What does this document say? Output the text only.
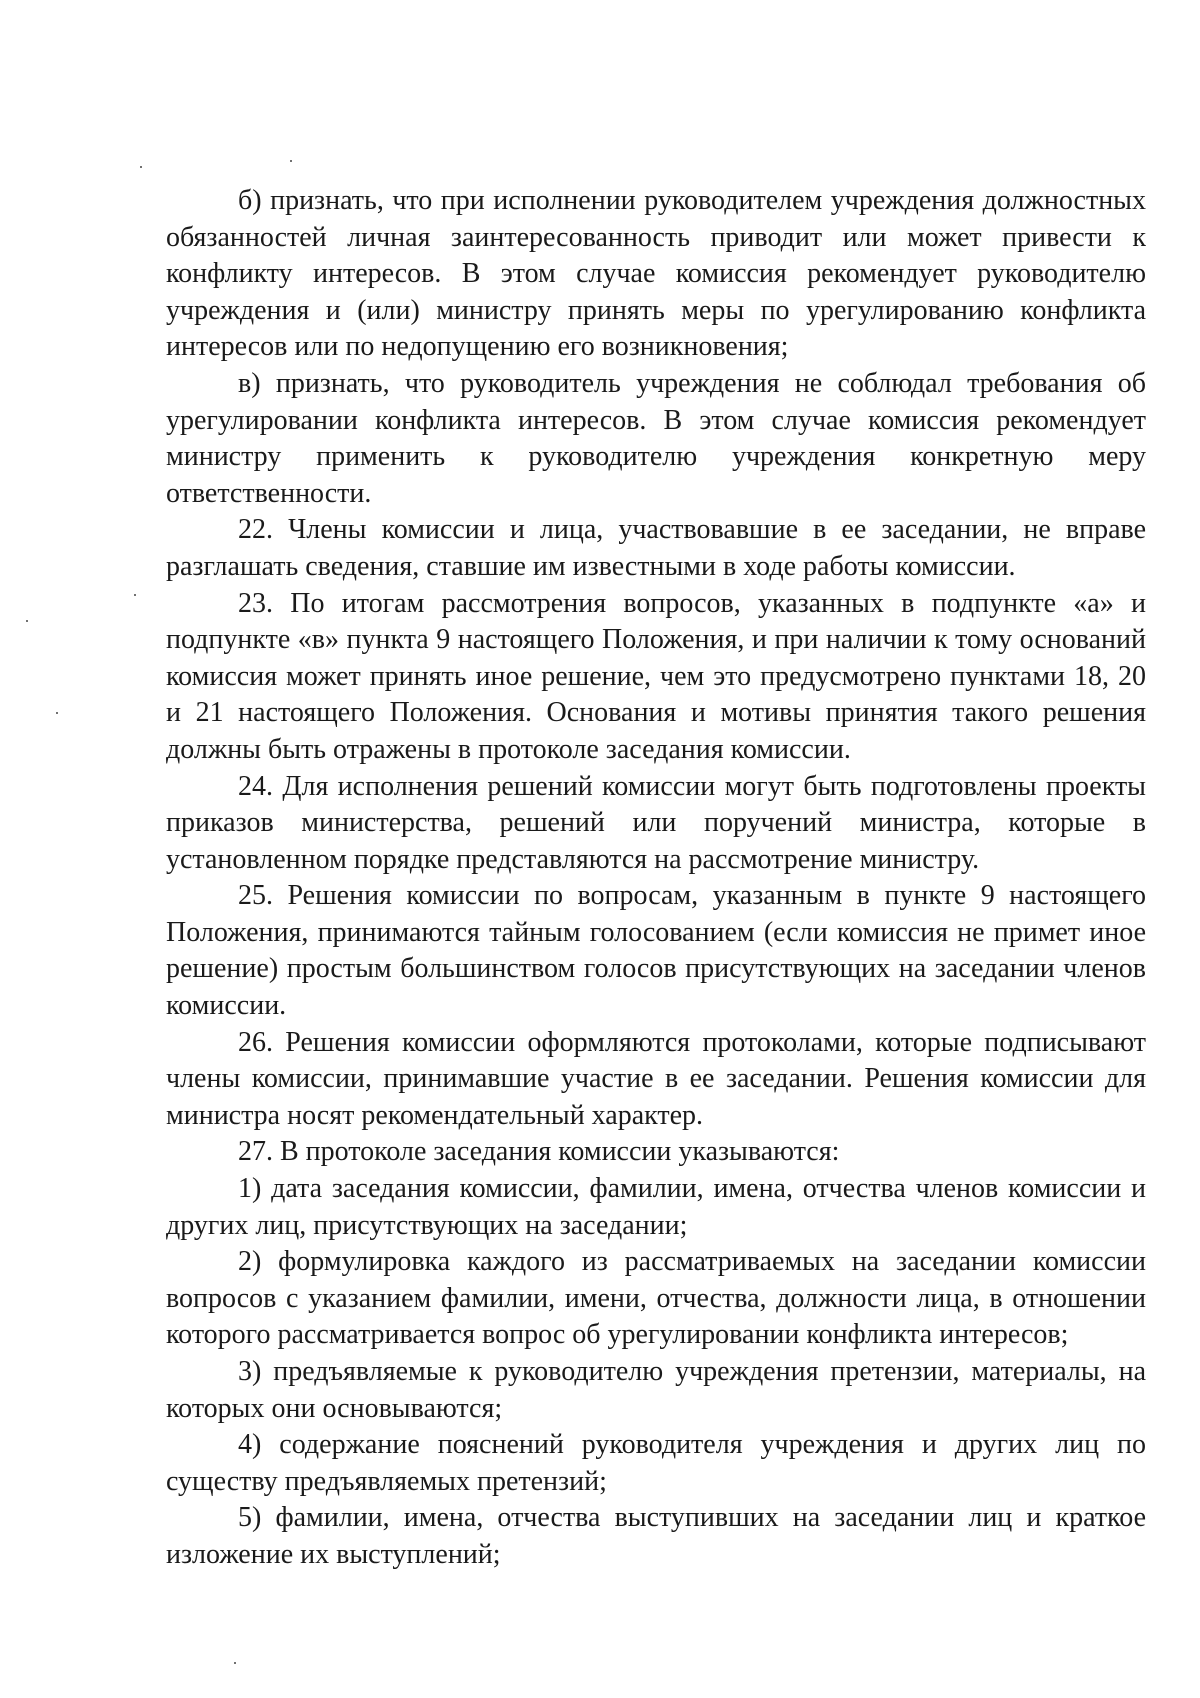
б) признать, что при исполнении руководителем учреждения должностных обязанностей личная заинтересованность приводит или может привести к конфликту интересов. В этом случае комиссия рекомендует руководителю учреждения и (или) министру принять меры по урегулированию конфликта интересов или по недопущению его возникновения;

в) признать, что руководитель учреждения не соблюдал требования об урегулировании конфликта интересов. В этом случае комиссия рекомендует министру применить к руководителю учреждения конкретную меру ответственности.

22. Члены комиссии и лица, участвовавшие в ее заседании, не вправе разглашать сведения, ставшие им известными в ходе работы комиссии.

23. По итогам рассмотрения вопросов, указанных в подпункте «а» и подпункте «в» пункта 9 настоящего Положения, и при наличии к тому оснований комиссия может принять иное решение, чем это предусмотрено пунктами 18, 20 и 21 настоящего Положения. Основания и мотивы принятия такого решения должны быть отражены в протоколе заседания комиссии.

24. Для исполнения решений комиссии могут быть подготовлены проекты приказов министерства, решений или поручений министра, которые в установленном порядке представляются на рассмотрение министру.

25. Решения комиссии по вопросам, указанным в пункте 9 настоящего Положения, принимаются тайным голосованием (если комиссия не примет иное решение) простым большинством голосов присутствующих на заседании членов комиссии.

26. Решения комиссии оформляются протоколами, которые подписывают члены комиссии, принимавшие участие в ее заседании. Решения комиссии для министра носят рекомендательный характер.

27. В протоколе заседания комиссии указываются:

1) дата заседания комиссии, фамилии, имена, отчества членов комиссии и других лиц, присутствующих на заседании;

2) формулировка каждого из рассматриваемых на заседании комиссии вопросов с указанием фамилии, имени, отчества, должности лица, в отношении которого рассматривается вопрос об урегулировании конфликта интересов;

3) предъявляемые к руководителю учреждения претензии, материалы, на которых они основываются;

4) содержание пояснений руководителя учреждения и других лиц по существу предъявляемых претензий;

5) фамилии, имена, отчества выступивших на заседании лиц и краткое изложение их выступлений;
